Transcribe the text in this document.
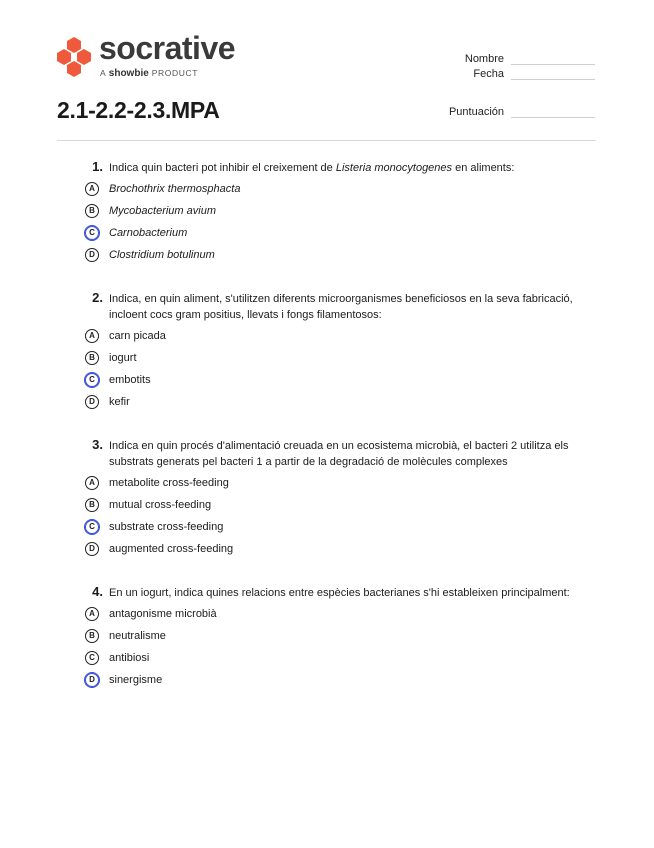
socrative
A showbie PRODUCT
Nombre
Fecha
2.1-2.2-2.3.MPA	Puntuación
1. Indica quin bacteri pot inhibir el creixement de Listeria monocytogenes en aliments:
A	Brochothrix thermosphacta
B	Mycobacterium avium
C	Carnobacterium
D	Clostridium botulinum
2. Indica, en quin aliment, s'utilitzen diferents microorganismes beneficiosos en la seva fabricació, incloent cocs gram positius, llevats i fongs filamentosos:
A	carn picada
B	iogurt
C	embotits
D	kefir
3. Indica en quin procés d'alimentació creuada en un ecosistema microbià, el bacteri 2 utilitza els substrats generats pel bacteri 1 a partir de la degradació de molècules complexes
A	metabolite cross-feeding
B	mutual cross-feeding
C	substrate cross-feeding
D	augmented cross-feeding
4. En un iogurt, indica quines relacions entre espècies bacterianes s'hi estableixen principalment:
A	antagonisme microbià
B	neutralisme
C	antibiosi
D	sinergisme
